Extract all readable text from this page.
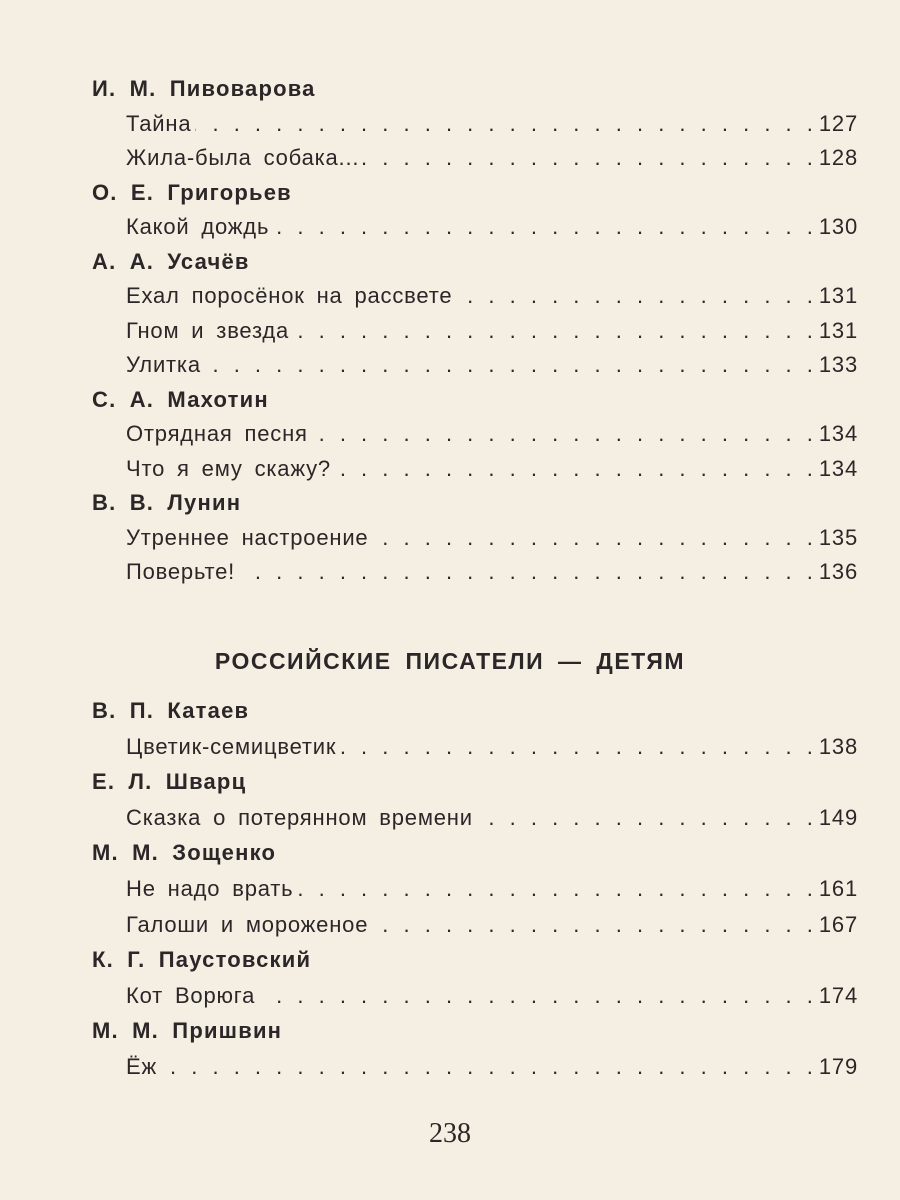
И. М. Пивоварова
Тайна . . .	127
Жила-была собака... . . .	128
О. Е. Григорьев
Какой дождь . . .	130
А. А. Усачёв
Ехал поросёнок на рассвете . . .	131
Гном и звезда . . .	131
Улитка . . .	133
С. А. Махотин
Отрядная песня . . .	134
Что я ему скажу? . . .	134
В. В. Лунин
Утреннее настроение . . .	135
Поверьте! . . .	136
РОССИЙСКИЕ ПИСАТЕЛИ — ДЕТЯМ
В. П. Катаев
Цветик-семицветик . . .	138
Е. Л. Шварц
Сказка о потерянном времени . . .	149
М. М. Зощенко
Не надо врать . . .	161
Галоши и мороженое . . .	167
К. Г. Паустовский
Кот Ворюга . . .	174
М. М. Пришвин
Ёж . . .	179
238
